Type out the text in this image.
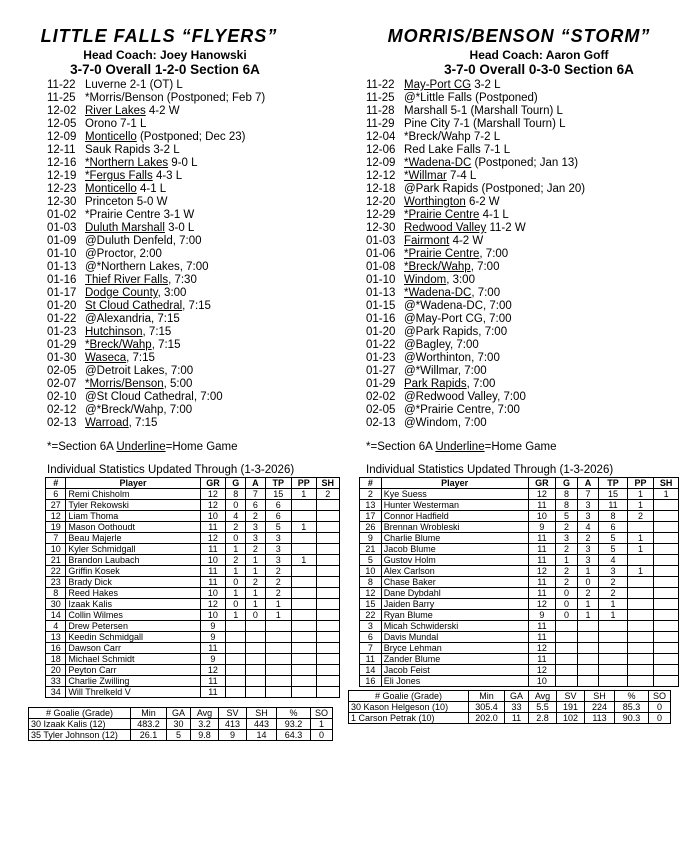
LITTLE FALLS “FLYERS”
Head Coach: Joey Hanowski
3-7-0 Overall 1-2-0 Section 6A
11-22 Luverne 2-1 (OT) L
11-25 *Morris/Benson (Postponed; Feb 7)
12-02 River Lakes 4-2 W
12-05 Orono 7-1 L
12-09 Monticello (Postponed; Dec 23)
12-11 Sauk Rapids 3-2 L
12-16 *Northern Lakes 9-0 L
12-19 *Fergus Falls 4-3 L
12-23 Monticello 4-1 L
12-30 Princeton 5-0 W
01-02 *Prairie Centre 3-1 W
01-03 Duluth Marshall 3-0 L
01-09 @Duluth Denfeld, 7:00
01-10 @Proctor, 2:00
01-13 @*Northern Lakes, 7:00
01-16 Thief River Falls, 7:30
01-17 Dodge County, 3:00
01-20 St Cloud Cathedral, 7:15
01-22 @Alexandria, 7:15
01-23 Hutchinson, 7:15
01-29 *Breck/Wahp, 7:15
01-30 Waseca, 7:15
02-05 @Detroit Lakes, 7:00
02-07 *Morris/Benson, 5:00
02-10 @St Cloud Cathedral, 7:00
02-12 @*Breck/Wahp, 7:00
02-13 Warroad, 7:15
*=Section 6A Underline=Home Game
Individual Statistics Updated Through (1-3-2026)
#	Player	GR	G	A	TP	PP	SH
6	Remi Chisholm	12	8	7	15	1	2
27	Tyler Rekowski	12	0	6	6		
12	Liam Thoma	10	4	2	6		
19	Mason Oothoudt	11	2	3	5	1	
7	Beau Majerle	12	0	3	3		
10	Kyler Schmidgall	11	1	2	3		
21	Brandon Laubach	10	2	1	3	1	
22	Griffin Kosek	11	1	1	2		
23	Brady Dick	11	0	2	2		
8	Reed Hakes	10	1	1	2		
30	Izaak Kalis	12	0	1	1		
14	Collin Wilmes	10	1	0	1		
4	Drew Petersen	9					
13	Keedin Schmidgall	9					
16	Dawson Carr	11					
18	Michael Schmidt	9					
20	Peyton Carr	12					
33	Charlie Zwilling	11					
34	Will Threlkeld V	11					
# Goalie (Grade)	Min	GA	Avg	SV	SH	%	SO
30 Izaak Kalis (12)	483.2	30	3.2	413	443	93.2	1
35 Tyler Johnson (12)	26.1	5	9.8	9	14	64.3	0
MORRIS/BENSON “STORM”
Head Coach: Aaron Goff
3-7-0 Overall 0-3-0 Section 6A
11-22 May-Port CG 3-2 L
11-25 @*Little Falls (Postponed)
11-28 Marshall 5-1 (Marshall Tourn) L
11-29 Pine City 7-1 (Marshall Tourn) L
12-04 *Breck/Wahp 7-2 L
12-06 Red Lake Falls 7-1 L
12-09 *Wadena-DC (Postponed; Jan 13)
12-12 *Willmar 7-4 L
12-18 @Park Rapids (Postponed; Jan 20)
12-20 Worthington 6-2 W
12-29 *Prairie Centre 4-1 L
12-30 Redwood Valley 11-2 W
01-03 Fairmont 4-2 W
01-06 *Prairie Centre, 7:00
01-08 *Breck/Wahp, 7:00
01-10 Windom, 3:00
01-13 *Wadena-DC, 7:00
01-15 @*Wadena-DC, 7:00
01-16 @May-Port CG, 7:00
01-20 @Park Rapids, 7:00
01-22 @Bagley, 7:00
01-23 @Worthinton, 7:00
01-27 @*Willmar, 7:00
01-29 Park Rapids, 7:00
02-02 @Redwood Valley, 7:00
02-05 @*Prairie Centre, 7:00
02-13 @Windom, 7:00
*=Section 6A Underline=Home Game
Individual Statistics Updated Through (1-3-2026)
#	Player	GR	G	A	TP	PP	SH
2	Kye Suess	12	8	7	15	1	1
13	Hunter Westerman	11	8	3	11	1	
17	Connor Hadfield	10	5	3	8	2	
26	Brennan Wrobleski	9	2	4	6		
9	Charlie Blume	11	3	2	5	1	
21	Jacob Blume	11	2	3	5	1	
5	Gustov Holm	11	1	3	4		
10	Alex Carlson	12	2	1	3	1	
8	Chase Baker	11	2	0	2		
12	Dane Dybdahl	11	0	2	2		
15	Jaiden Barry	12	0	1	1		
22	Ryan Blume	9	0	1	1		
3	Micah Schwiderski	11					
6	Davis Mundal	11					
7	Bryce Lehman	12					
11	Zander Blume	11					
14	Jacob Feist	12					
16	Eli Jones	10					
# Goalie (Grade)	Min	GA	Avg	SV	SH	%	SO
30 Kason Helgeson (10)	305.4	33	5.5	191	224	85.3	0
1 Carson Petrak (10)	202.0	11	2.8	102	113	90.3	0
